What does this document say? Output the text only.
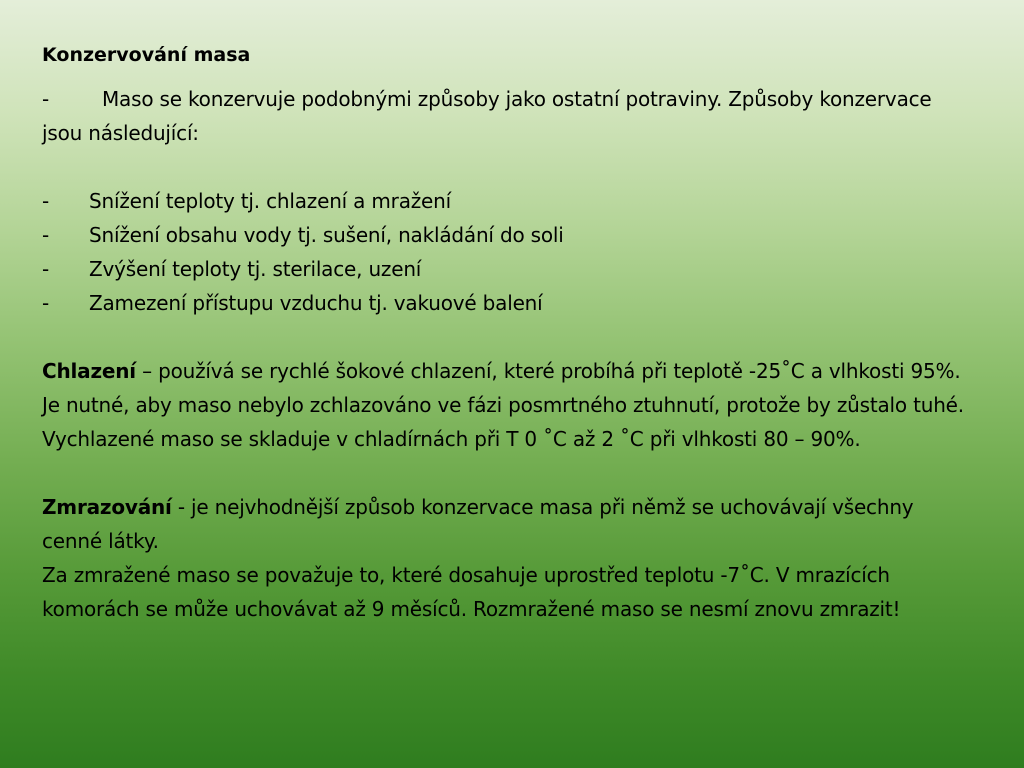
Konzervování masa
-	Maso se konzervuje podobnými způsoby jako ostatní potraviny. Způsoby konzervace jsou následující:
-	Snížení teploty tj. chlazení a mražení
-	Snížení obsahu vody tj. sušení, nakládání do soli
-	Zvýšení teploty tj. sterilace, uzení
-	Zamezení přístupu vzduchu tj. vakuové balení

Chlazení – používá se rychlé šokové chlazení, které probíhá při teplotě -25˚C a vlhkosti 95%. Je nutné, aby maso nebylo zchlazováno ve fázi posmrtného ztuhnutí, protože by zůstalo tuhé.

Vychlazené maso se skladuje v chladírnách při T 0 ˚C až 2 ˚C při vlhkosti 80 – 90%.

Zmrazování - je nejvhodnější způsob konzervace masa při němž se uchovávají všechny cenné látky.

Za zmražené maso se považuje to, které dosahuje uprostřed teplotu -7˚C. V mrazících komorách se může uchovávat až 9 měsíců. Rozmražené maso se nesmí znovu zmrazit!
